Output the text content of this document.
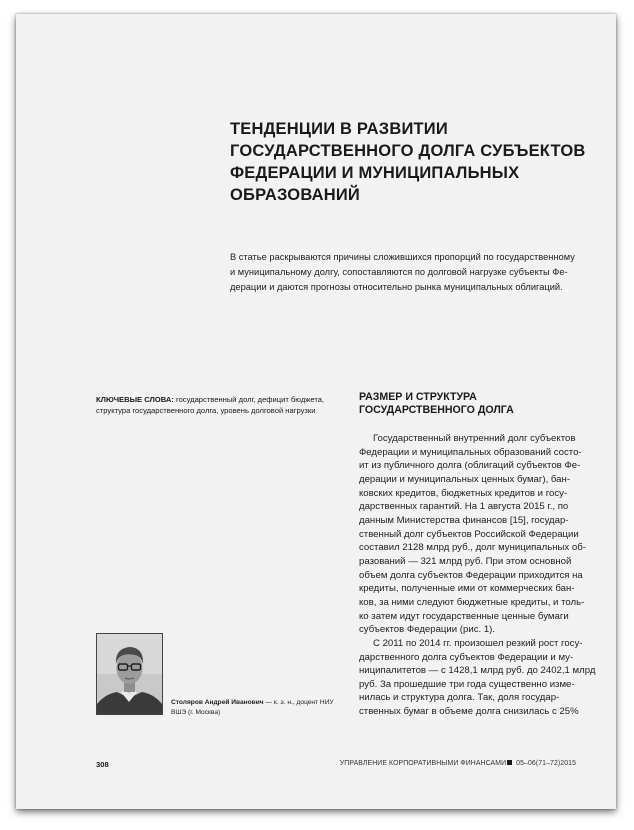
ТЕНДЕНЦИИ В РАЗВИТИИ
ГОСУДАРСТВЕННОГО ДОЛГА СУБЪЕКТОВ
ФЕДЕРАЦИИ И МУНИЦИПАЛЬНЫХ
ОБРАЗОВАНИЙ
В статье раскрываются причины сложившихся пропорций по государственному
и муниципальному долгу, сопоставляются по долговой нагрузке субъекты Фе-
дерации и даются прогнозы относительно рынка муниципальных облигаций.
КЛЮЧЕВЫЕ СЛОВА: государственный долг, дефицит бюджета,
структура государственного долга, уровень долговой нагрузки
РАЗМЕР И СТРУКТУРА
ГОСУДАРСТВЕННОГО ДОЛГА
Государственный внутренний долг субъектов
Федерации и муниципальных образований состо-
ит из публичного долга (облигаций субъектов Фе-
дерации и муниципальных ценных бумаг), бан-
ковских кредитов, бюджетных кредитов и госу-
дарственных гарантий. На 1 августа 2015 г., по
данным Министерства финансов [15], государ-
ственный долг субъектов Российской Федерации
составил 2128 млрд руб., долг муниципальных об-
разований — 321 млрд руб. При этом основной
объем долга субъектов Федерации приходится на
кредиты, полученные ими от коммерческих бан-
ков, за ними следуют бюджетные кредиты, и толь-
ко затем идут государственные ценные бумаги
субъектов Федерации (рис. 1).
С 2011 по 2014 гг. произошел резкий рост госу-
дарственного долга субъектов Федерации и му-
ниципалитетов — с 1428,1 млрд руб. до 2402,1 млрд
руб. За прошедшие три года существенно изме-
нилась и структура долга. Так, доля государ-
ственных бумаг в объеме долга снизилась с 25%
Столяров Андрей Иванович — к. э. н., доцент НИУ
ВШЭ (г. Москва)
308	УПРАВЛЕНИЕ КОРПОРАТИВНЫМИ ФИНАНСАМИ 05–06(71–72)2015
